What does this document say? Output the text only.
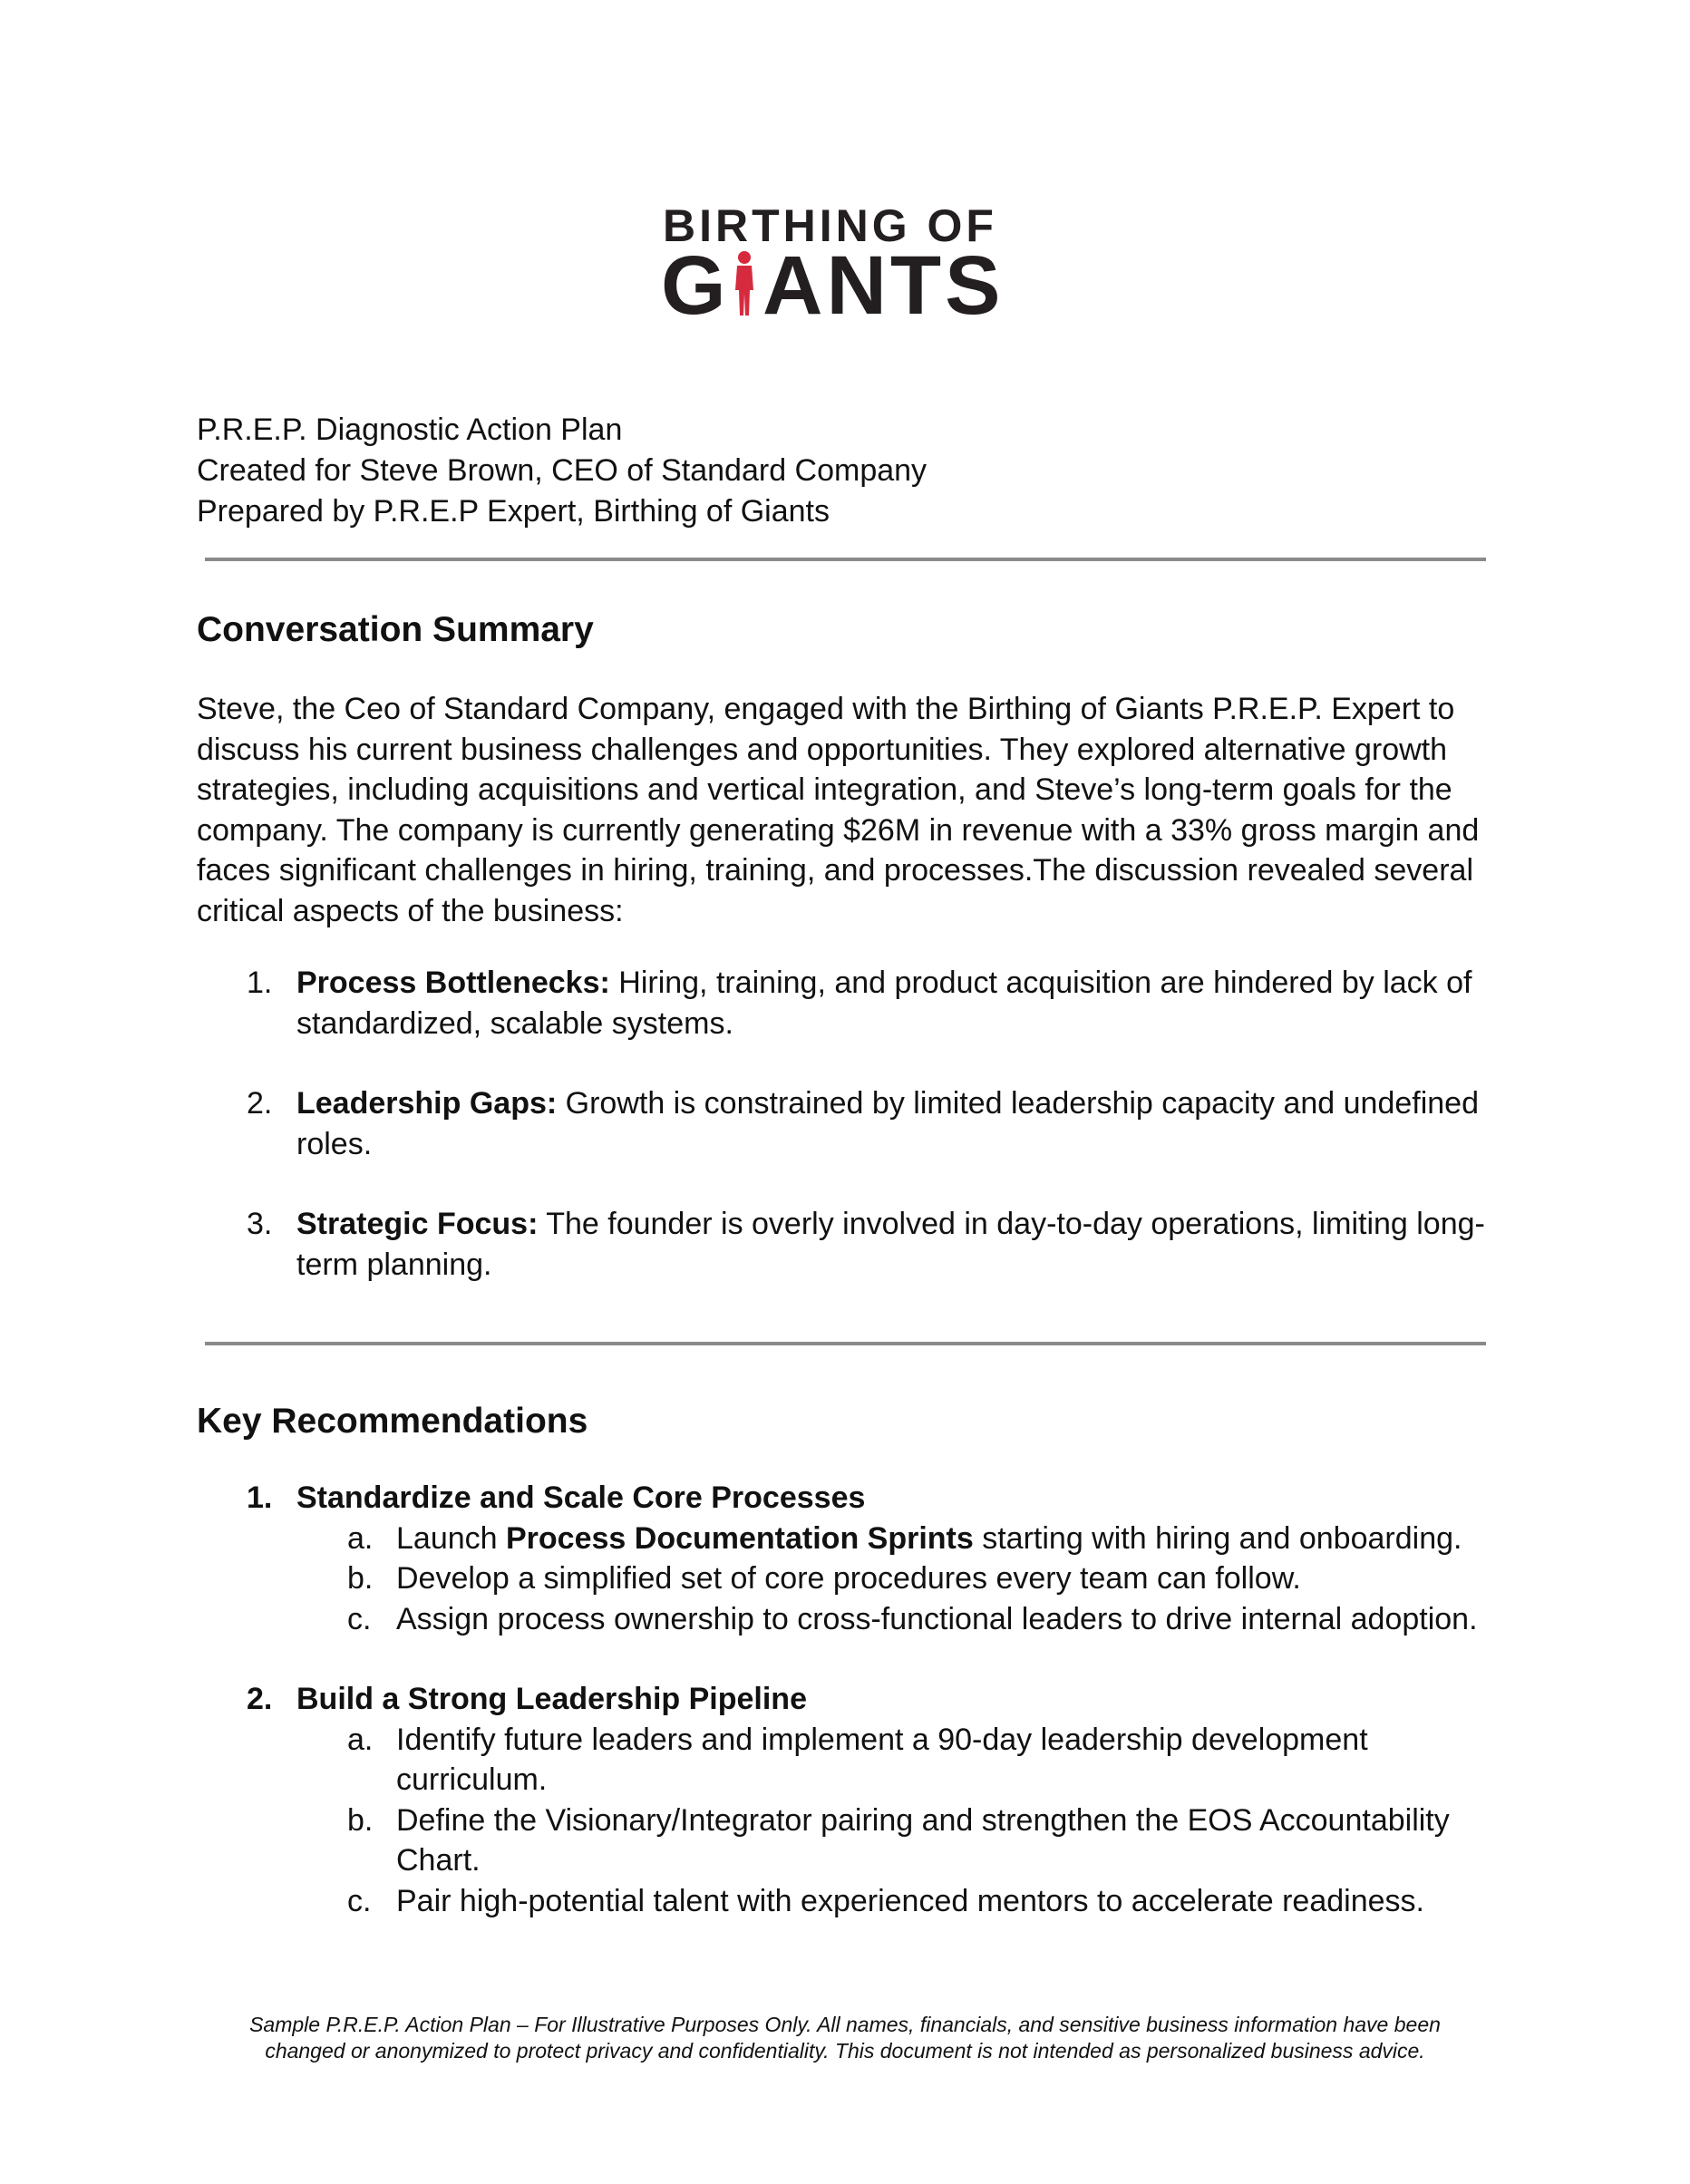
BIRTHING OF
G ANTS
P.R.E.P. Diagnostic Action Plan
Created for Steve Brown, CEO of Standard Company
Prepared by P.R.E.P Expert, Birthing of Giants
Conversation Summary
Steve, the Ceo of Standard Company, engaged with the Birthing of Giants P.R.E.P. Expert to discuss his current business challenges and opportunities. They explored alternative growth strategies, including acquisitions and vertical integration, and Steve’s long-term goals for the company. The company is currently generating $26M in revenue with a 33% gross margin and faces significant challenges in hiring, training, and processes.The discussion revealed several critical aspects of the business:
1. Process Bottlenecks: Hiring, training, and product acquisition are hindered by lack of standardized, scalable systems.
2. Leadership Gaps: Growth is constrained by limited leadership capacity and undefined roles.
3. Strategic Focus: The founder is overly involved in day-to-day operations, limiting long-term planning.
Key Recommendations
1. Standardize and Scale Core Processes
a. Launch Process Documentation Sprints starting with hiring and onboarding.
b. Develop a simplified set of core procedures every team can follow.
c. Assign process ownership to cross-functional leaders to drive internal adoption.
2. Build a Strong Leadership Pipeline
a. Identify future leaders and implement a 90-day leadership development curriculum.
b. Define the Visionary/Integrator pairing and strengthen the EOS Accountability Chart.
c. Pair high-potential talent with experienced mentors to accelerate readiness.
Sample P.R.E.P. Action Plan – For Illustrative Purposes Only. All names, financials, and sensitive business information have been
changed or anonymized to protect privacy and confidentiality. This document is not intended as personalized business advice.
